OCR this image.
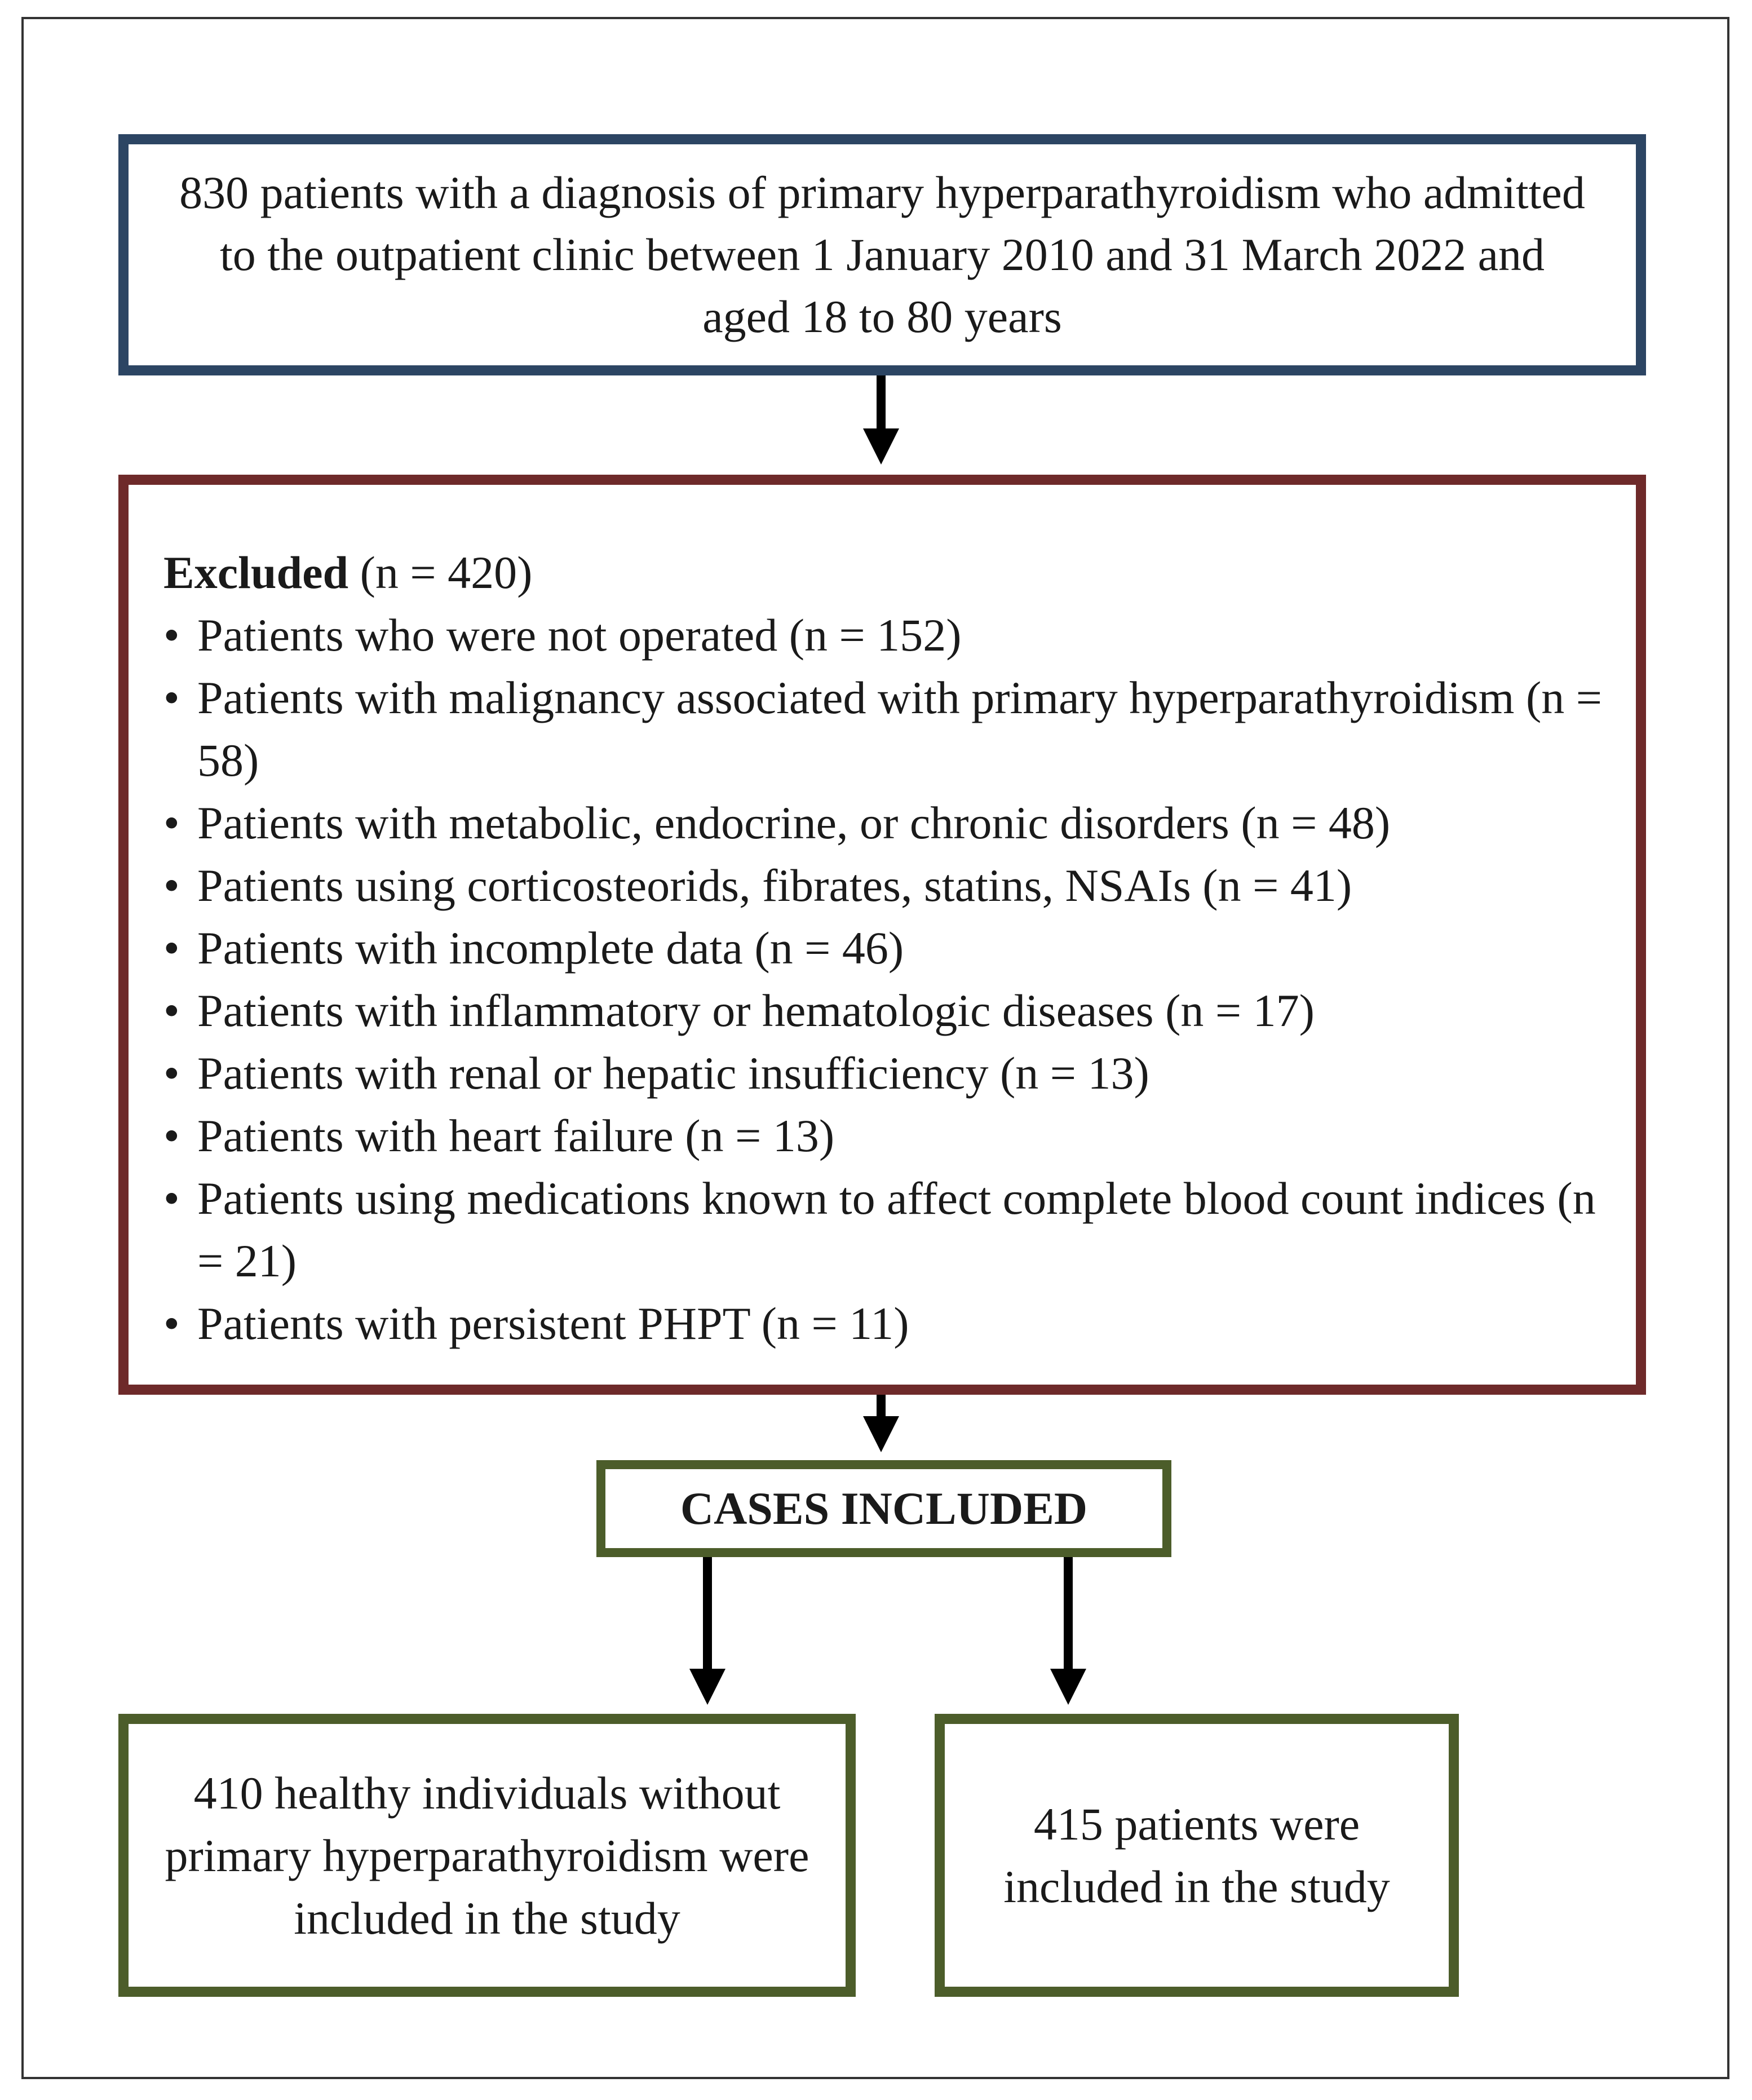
830 patients with a diagnosis of primary hyperparathyroidism who admitted to the outpatient clinic between 1 January 2010 and 31 March 2022 and aged 18 to 80 years

Excluded (n = 420)

• Patients who were not operated (n = 152)
• Patients with malignancy associated with primary hyperparathyroidism (n = 58)
• Patients with metabolic, endocrine, or chronic disorders (n = 48)
• Patients using corticosteorids, fibrates, statins, NSAIs (n = 41)
• Patients with incomplete data (n = 46)
• Patients with inflammatory or hematologic diseases (n = 17)
• Patients with renal or hepatic insufficiency (n = 13)
• Patients with heart failure (n = 13)
• Patients using medications known to affect complete blood count indices (n = 21)
• Patients with persistent PHPT (n = 11)
CASES INCLUDED
410 healthy individuals without primary hyperparathyroidism were included in the study
415 patients were included in the study
